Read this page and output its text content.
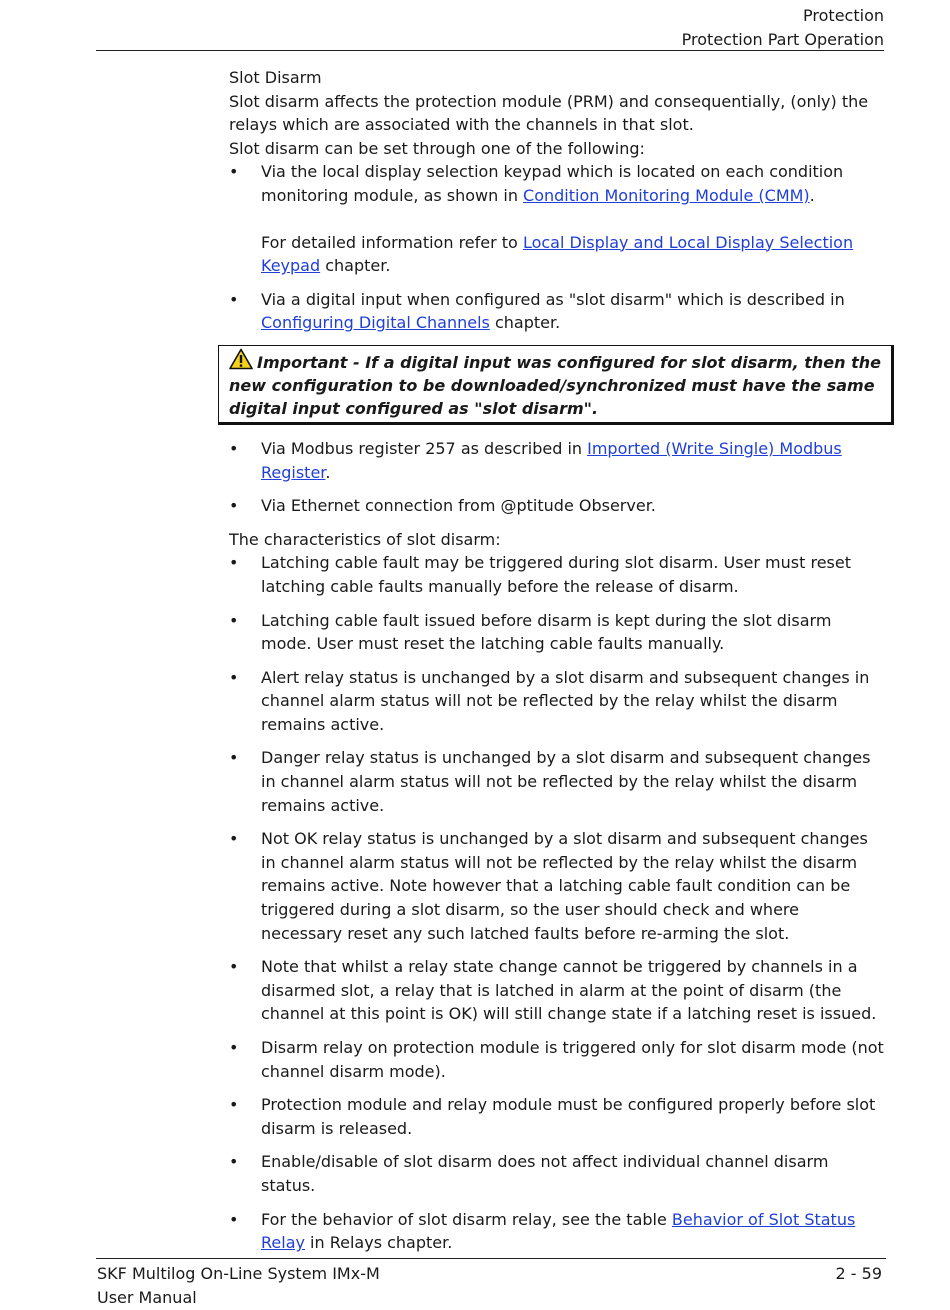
Protection
Protection Part Operation

Slot Disarm

Slot disarm affects the protection module (PRM) and consequentially, (only) the relays which are associated with the channels in that slot.

Slot disarm can be set through one of the following:

• Via the local display selection keypad which is located on each condition monitoring module, as shown in Condition Monitoring Module (CMM).
For detailed information refer to Local Display and Local Display Selection Keypad chapter.
• Via a digital input when configured as "slot disarm" which is described in Configuring Digital Channels chapter.
Important - If a digital input was configured for slot disarm, then the new configuration to be downloaded/synchronized must have the same digital input configured as "slot disarm".
• Via Modbus register 257 as described in Imported (Write Single) Modbus Register.
• Via Ethernet connection from @ptitude Observer.

The characteristics of slot disarm:

• Latching cable fault may be triggered during slot disarm. User must reset latching cable faults manually before the release of disarm.
• Latching cable fault issued before disarm is kept during the slot disarm mode. User must reset the latching cable faults manually.
• Alert relay status is unchanged by a slot disarm and subsequent changes in channel alarm status will not be reflected by the relay whilst the disarm remains active.
• Danger relay status is unchanged by a slot disarm and subsequent changes in channel alarm status will not be reflected by the relay whilst the disarm remains active.
• Not OK relay status is unchanged by a slot disarm and subsequent changes in channel alarm status will not be reflected by the relay whilst the disarm remains active. Note however that a latching cable fault condition can be triggered during a slot disarm, so the user should check and where necessary reset any such latched faults before re-arming the slot.
• Note that whilst a relay state change cannot be triggered by channels in a disarmed slot, a relay that is latched in alarm at the point of disarm (the channel at this point is OK) will still change state if a latching reset is issued.
• Disarm relay on protection module is triggered only for slot disarm mode (not channel disarm mode).
• Protection module and relay module must be configured properly before slot disarm is released.
• Enable/disable of slot disarm does not affect individual channel disarm status.
• For the behavior of slot disarm relay, see the table Behavior of Slot Status Relay in Relays chapter.
SKF Multilog On-Line System IMx-M
User Manual
2 - 59
